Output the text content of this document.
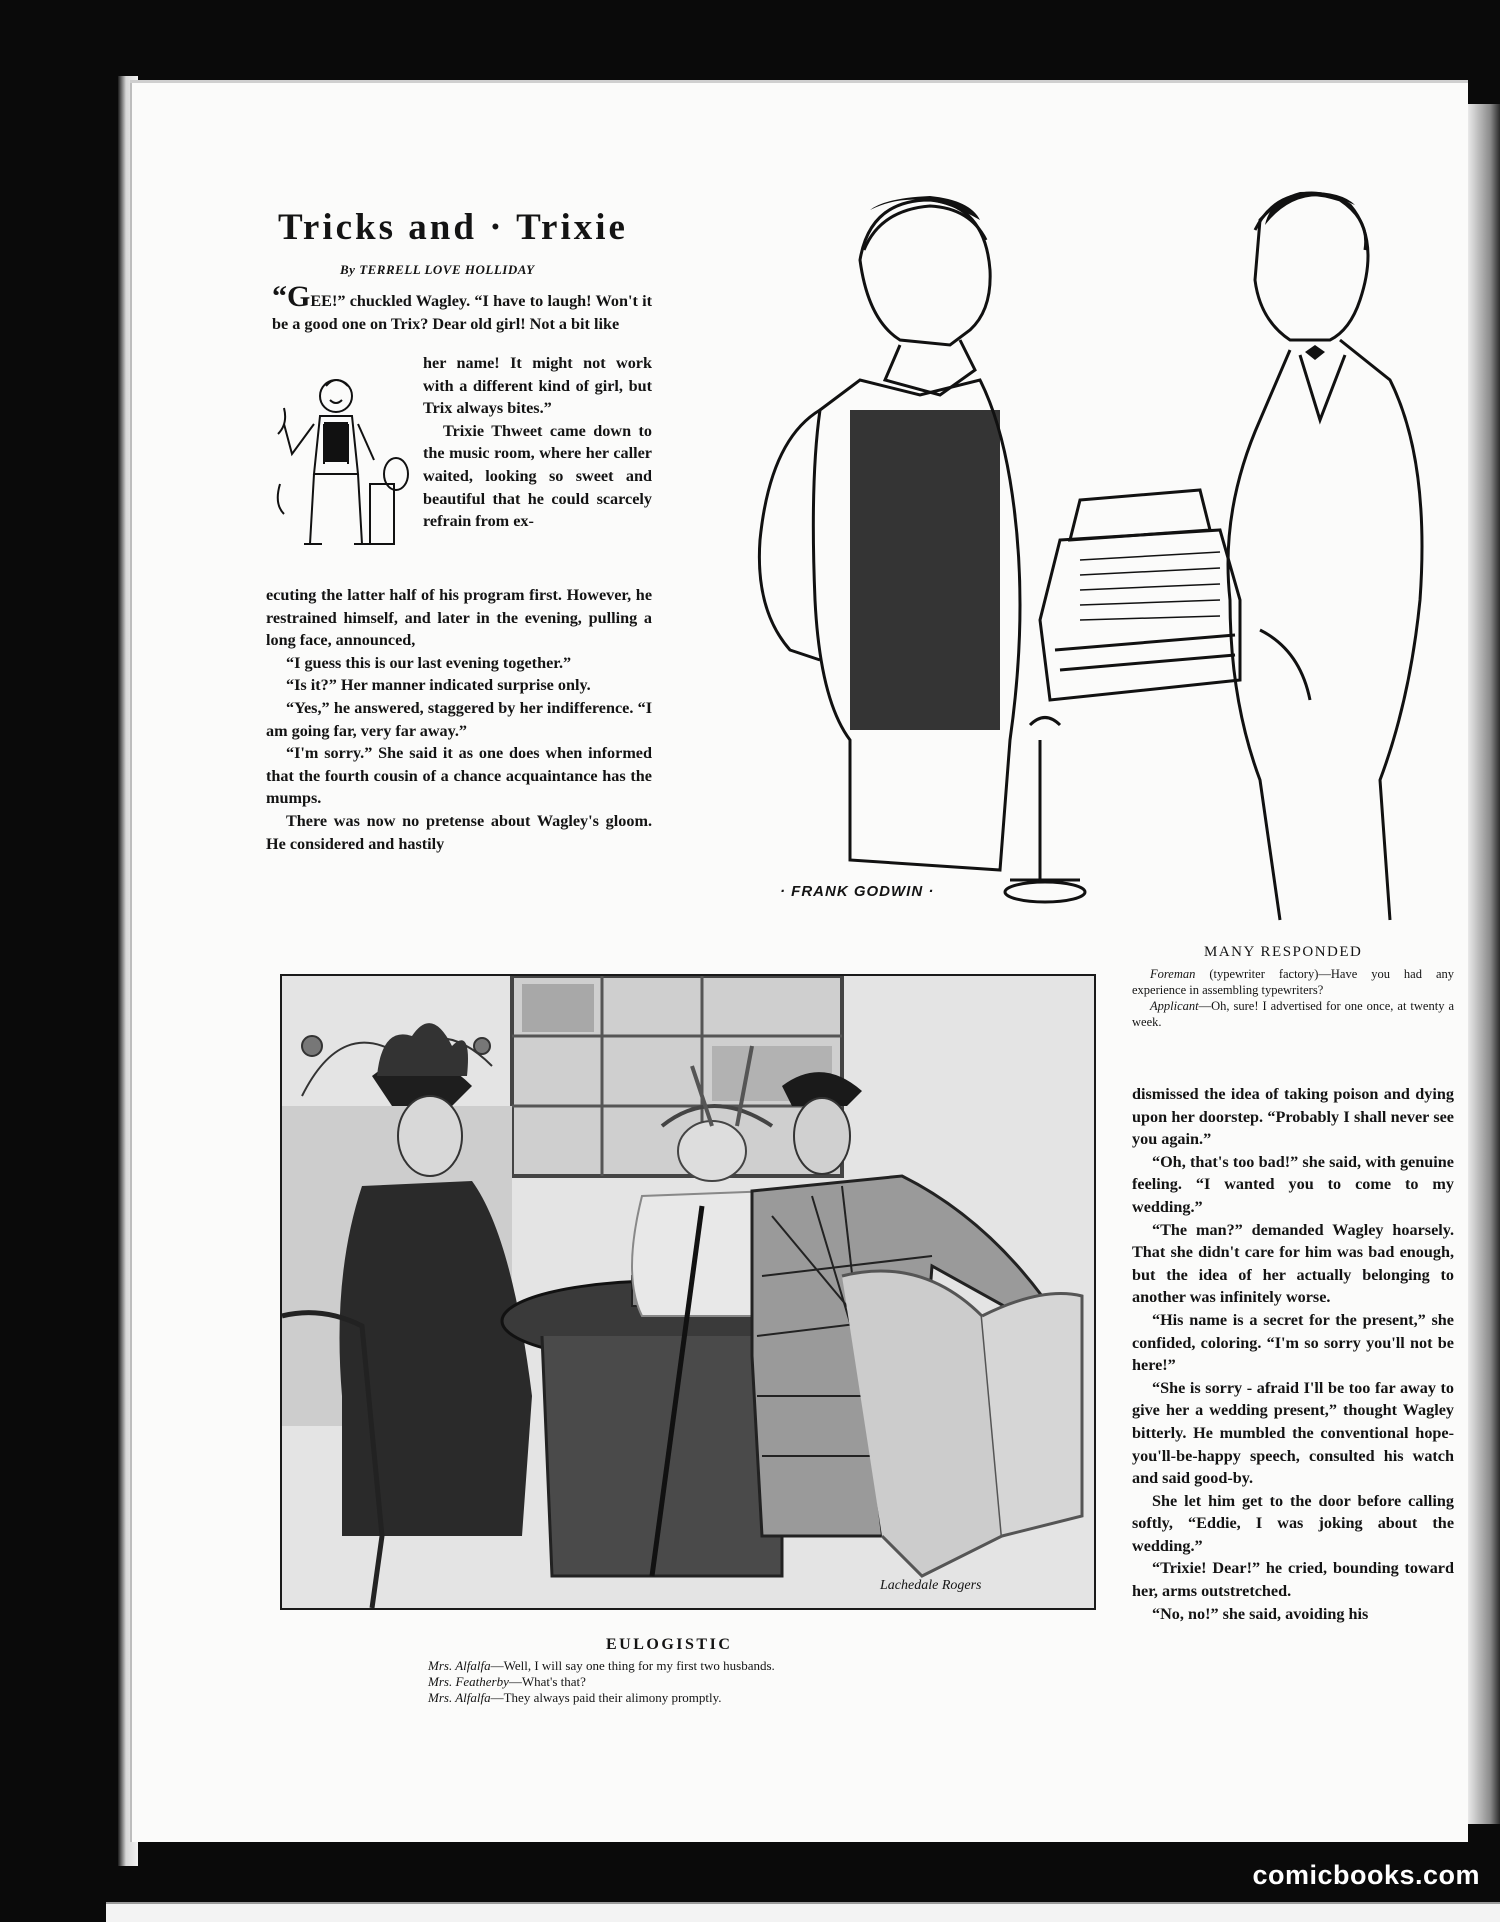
Tricks and · Trixie
By TERRELL LOVE HOLLIDAY

“GEE!” chuckled Wagley. “I have to laugh! Won't it be a good one on Trix? Dear old girl! Not a bit like

her name! It might not work with a different kind of girl, but Trix always bites.”

Trixie Thweet came down to the music room, where her caller waited, looking so sweet and beautiful that he could scarcely refrain from ex-

ecuting the latter half of his program first. However, he restrained himself, and later in the evening, pulling a long face, announced,

“I guess this is our last evening together.”

“Is it?” Her manner indicated surprise only.

“Yes,” he answered, staggered by her indifference. “I am going far, very far away.”

“I'm sorry.” She said it as one does when informed that the fourth cousin of a chance acquaintance has the mumps.

There was now no pretense about Wagley's gloom. He considered and hastily

· FRANK GODWIN ·
MANY RESPONDED

Foreman (typewriter factory)—Have you had any experience in assembling typewriters?

Applicant—Oh, sure! I advertised for one once, at twenty a week.

dismissed the idea of taking poison and dying upon her doorstep. “Probably I shall never see you again.”

“Oh, that's too bad!” she said, with genuine feeling. “I wanted you to come to my wedding.”

“The man?” demanded Wagley hoarsely. That she didn't care for him was bad enough, but the idea of her actually belonging to another was infinitely worse.

“His name is a secret for the present,” she confided, coloring. “I'm so sorry you'll not be here!”

“She is sorry - afraid I'll be too far away to give her a wedding present,” thought Wagley bitterly. He mumbled the conventional hope-you'll-be-happy speech, consulted his watch and said good-by.

She let him get to the door before calling softly, “Eddie, I was joking about the wedding.”

“Trixie! Dear!” he cried, bounding toward her, arms outstretched.

“No, no!” she said, avoiding his

Lachedale Rogers
EULOGISTIC
Mrs. Alfalfa—Well, I will say one thing for my first two husbands.
Mrs. Featherby—What's that?
Mrs. Alfalfa—They always paid their alimony promptly.
comicbooks.com
